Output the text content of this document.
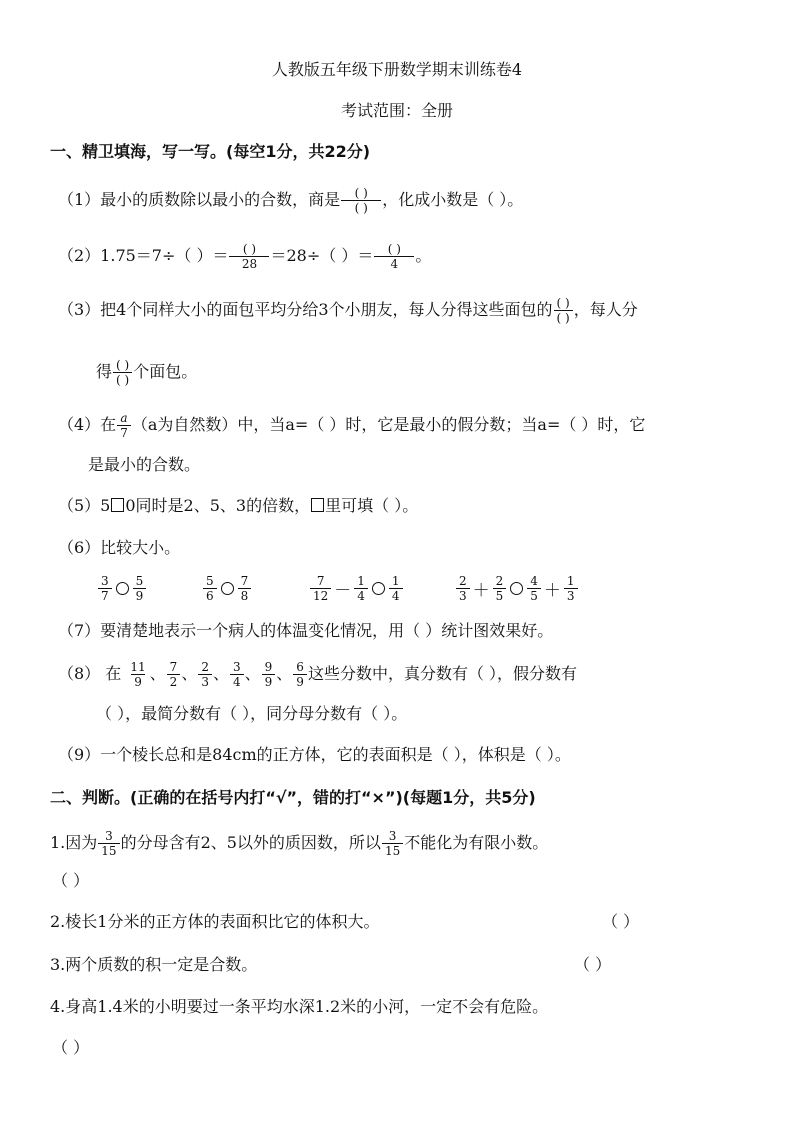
人教版五年级下册数学期末训练卷4
考试范围：全册
一、精卫填海，写一写。(每空1分，共22分)
（1）最小的质数除以最小的合数，商是 $\frac{( )}{( )}$ ，化成小数是（ ）。
（2）1.75＝7÷（ ）＝ $\frac{( )}{28} =28\div$（ ）＝ $\frac{( )}{4}$ 。
（3）把4个同样大小的面包平均分给3个小朋友，每人分得这些面包的 $\frac{( )}{( )}$ ，每人分
得 $\frac{( )}{( )}$ 个面包。
（4）在 $\frac{a}{7} (a$为自然数）中，当a=（ ）时，它是最小的假分数；当a=（ ）时，它
是最小的合数。
（5）5 0同时是2、5、3的倍数， 里可填（ ）。
（6）比较大小。
$\frac{3}{7} \frac{5}{9}$	$\frac{5}{6} \frac{7}{8}$	$\frac{7}{12} - \frac{1}{4} \frac{1}{4}$	$\frac{2}{3} + \frac{2}{5} \frac{4}{5} + \frac{1}{3}$
（7）要清楚地表示一个病人的体温变化情况，用（ ）统计图效果好。
（8） 在 $\frac{11}{9}$ 、 $\frac{7}{2}$ 、 $\frac{2}{3}$ 、 $\frac{3}{4}$ 、 $\frac{9}{9}$ 、 $\frac{6}{9}$ 这些分数中，真分数有（ ），假分数有
（ ），最简分数有（ ），同分母分数有（ ）。
（9）一个棱长总和是84cm的正方体，它的表面积是（ ），体积是（ ）。
二、判断。(正确的在括号内打“√”，错的打“×”)(每题1分，共5分)
1.因为 $\frac{3}{15}$ 的分母含有2、5以外的质因数，所以 $\frac{3}{15}$ 不能化为有限小数。
（ ）
2.棱长1分米的正方体的表面积比它的体积大。	（ ）
3.两个质数的积一定是合数。	（ ）
4.身高1.4米的小明要过一条平均水深1.2米的小河，一定不会有危险。
（ ）
